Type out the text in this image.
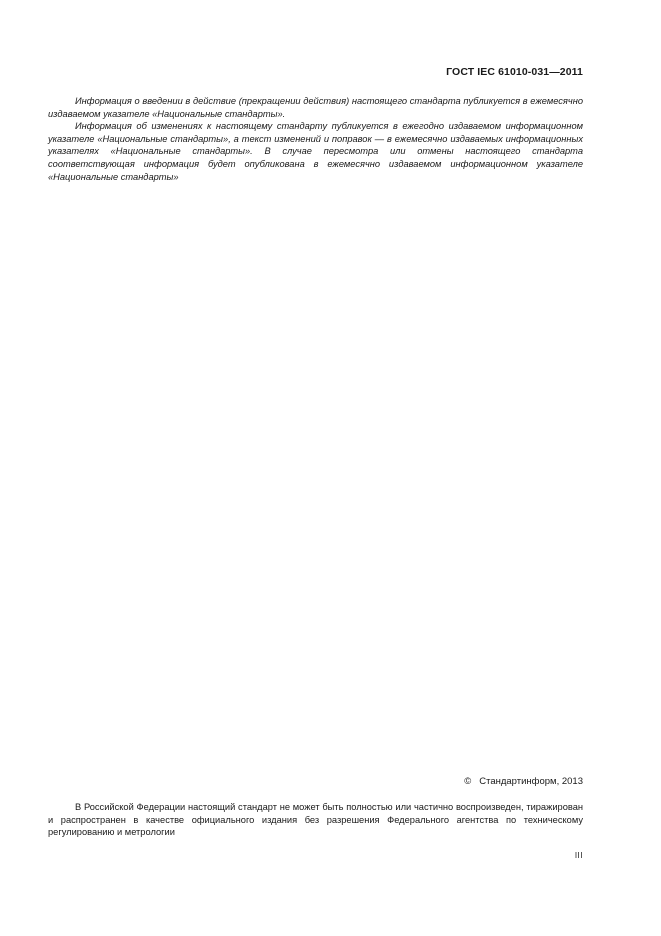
ГОСТ IEC 61010-031—2011

Информация о введении в действие (прекращении действия) настоящего стандарта публикуется в ежемесячно издаваемом указателе «Национальные стандарты».

Информация об изменениях к настоящему стандарту публикуется в ежегодно издаваемом информационном указателе «Национальные стандарты», а текст изменений и поправок — в ежемесячно издаваемых информационных указателях «Национальные стандарты». В случае пересмотра или отмены настоящего стандарта соответствующая информация будет опубликована в ежемесячно издаваемом информационном указателе «Национальные стандарты»

© Стандартинформ, 2013

В Российской Федерации настоящий стандарт не может быть полностью или частично воспроизведен, тиражирован и распространен в качестве официального издания без разрешения Федерального агентства по техническому регулированию и метрологии

III
